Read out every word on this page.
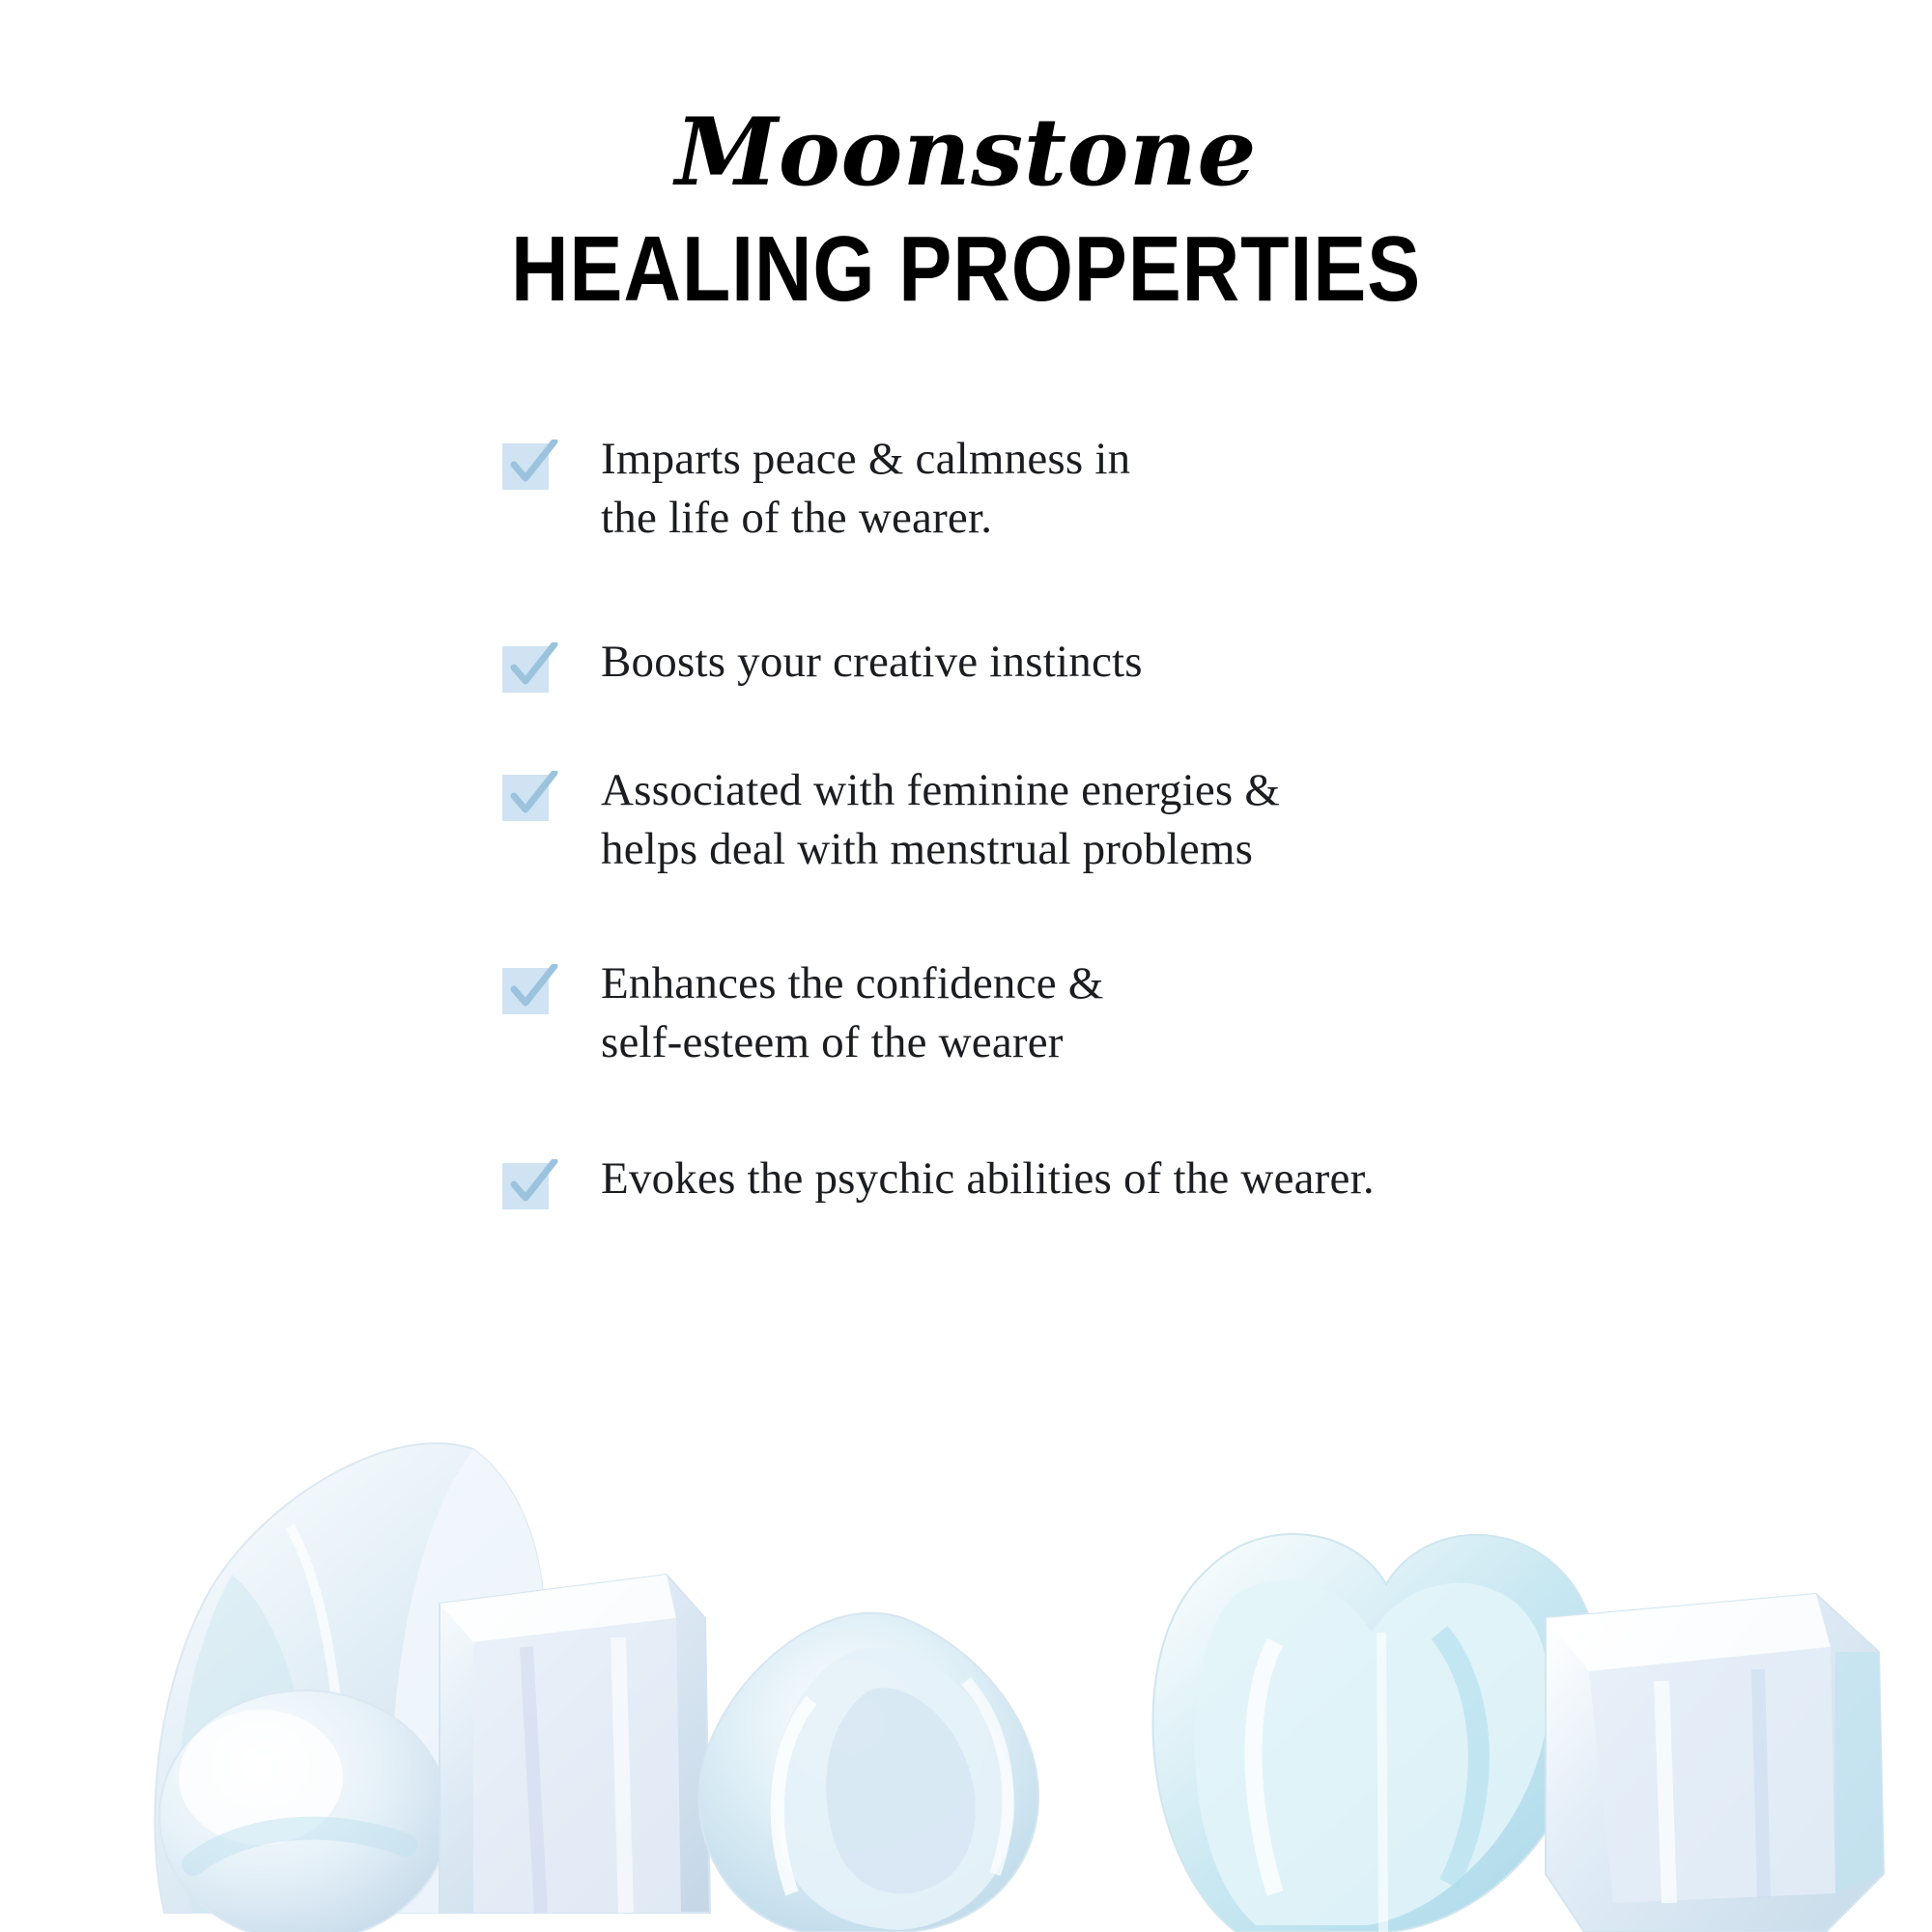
Moonstone
HEALING PROPERTIES
Imparts peace & calmness in
the life of the wearer.
Boosts your creative instincts
Associated with feminine energies &
helps deal with menstrual problems
Enhances the confidence &
self-esteem of the wearer
Evokes the psychic abilities of the wearer.
